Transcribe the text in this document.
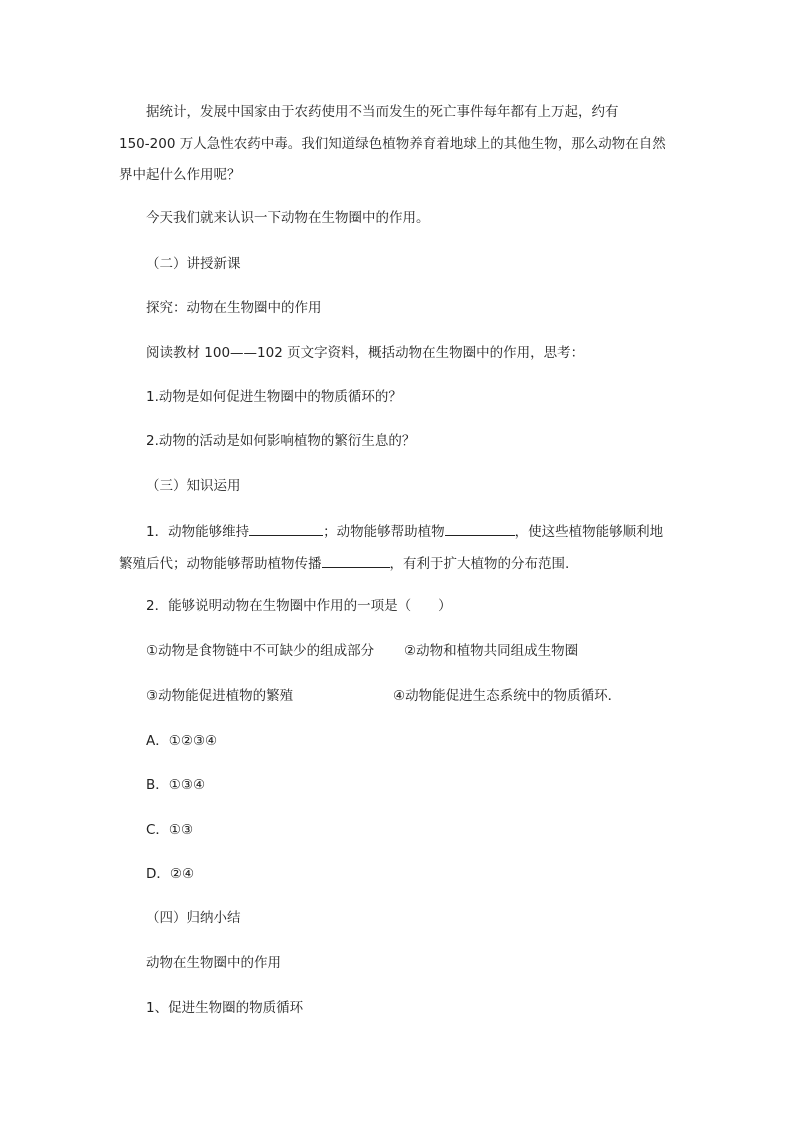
据统计，发展中国家由于农药使用不当而发生的死亡事件每年都有上万起，约有
150-200 万人急性农药中毒。我们知道绿色植物养育着地球上的其他生物，那么动物在自然
界中起什么作用呢？
今天我们就来认识一下动物在生物圈中的作用。
（二）讲授新课
探究：动物在生物圈中的作用
阅读教材 100——102 页文字资料，概括动物在生物圈中的作用，思考：
1.动物是如何促进生物圈中的物质循环的？
2.动物的活动是如何影响植物的繁衍生息的？
（三）知识运用
1．动物能够维持	；动物能够帮助植物	，使这些植物能够顺利地
繁殖后代；动物能够帮助植物传播	，有利于扩大植物的分布范围.
2．能够说明动物在生物圈中作用的一项是（　　）
①动物是食物链中不可缺少的组成部分 ②动物和植物共同组成生物圈
③动物能促进植物的繁殖	④动物能促进生态系统中的物质循环．
A．①②③④
B．①③④
C．①③
D．②④
（四）归纳小结
动物在生物圈中的作用
1、促进生物圈的物质循环
